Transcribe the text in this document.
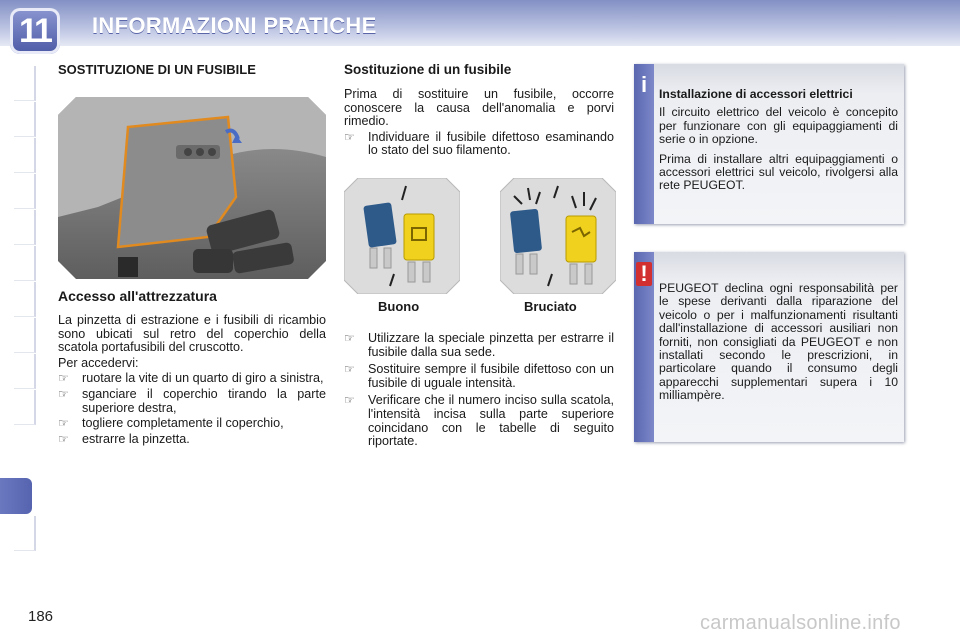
11	INFORMAZIONI PRATICHE
SOSTITUZIONE DI UN FUSIBILE
Accesso all'attrezzatura

La pinzetta di estrazione e i fusibili di ricambio sono ubicati sul retro del coperchio della scatola portafusibili del cruscotto.

Per accedervi:

☞ ruotare la vite di un quarto di giro a sinistra,
☞ sganciare il coperchio tirando la parte superiore destra,
☞ togliere completamente il coperchio,
☞ estrarre la pinzetta.
Sostituzione di un fusibile

Prima di sostituire un fusibile, occorre conoscere la causa dell'anomalia e porvi rimedio.

☞ Individuare il fusibile difettoso esaminando lo stato del suo filamento.
Buono	Bruciato
☞ Utilizzare la speciale pinzetta per estrarre il fusibile dalla sua sede.
☞ Sostituire sempre il fusibile difettoso con un fusibile di uguale intensità.
☞ Verificare che il numero inciso sulla scatola, l'intensità incisa sulla parte superiore coincidano con le tabelle di seguito riportate.
i Installazione di accessori elettrici

Il circuito elettrico del veicolo è concepito per funzionare con gli equipaggiamenti di serie o in opzione.

Prima di installare altri equipaggiamenti o accessori elettrici sul veicolo, rivolgersi alla rete PEUGEOT.

!
PEUGEOT declina ogni responsabilità per le spese derivanti dalla riparazione del veicolo o per i malfunzionamenti risultanti dall'installazione di accessori ausiliari non forniti, non consigliati da PEUGEOT e non installati secondo le prescrizioni, in particolare quando il consumo degli apparecchi supplementari supera i 10 milliampère.
186	carmanualsonline.info
